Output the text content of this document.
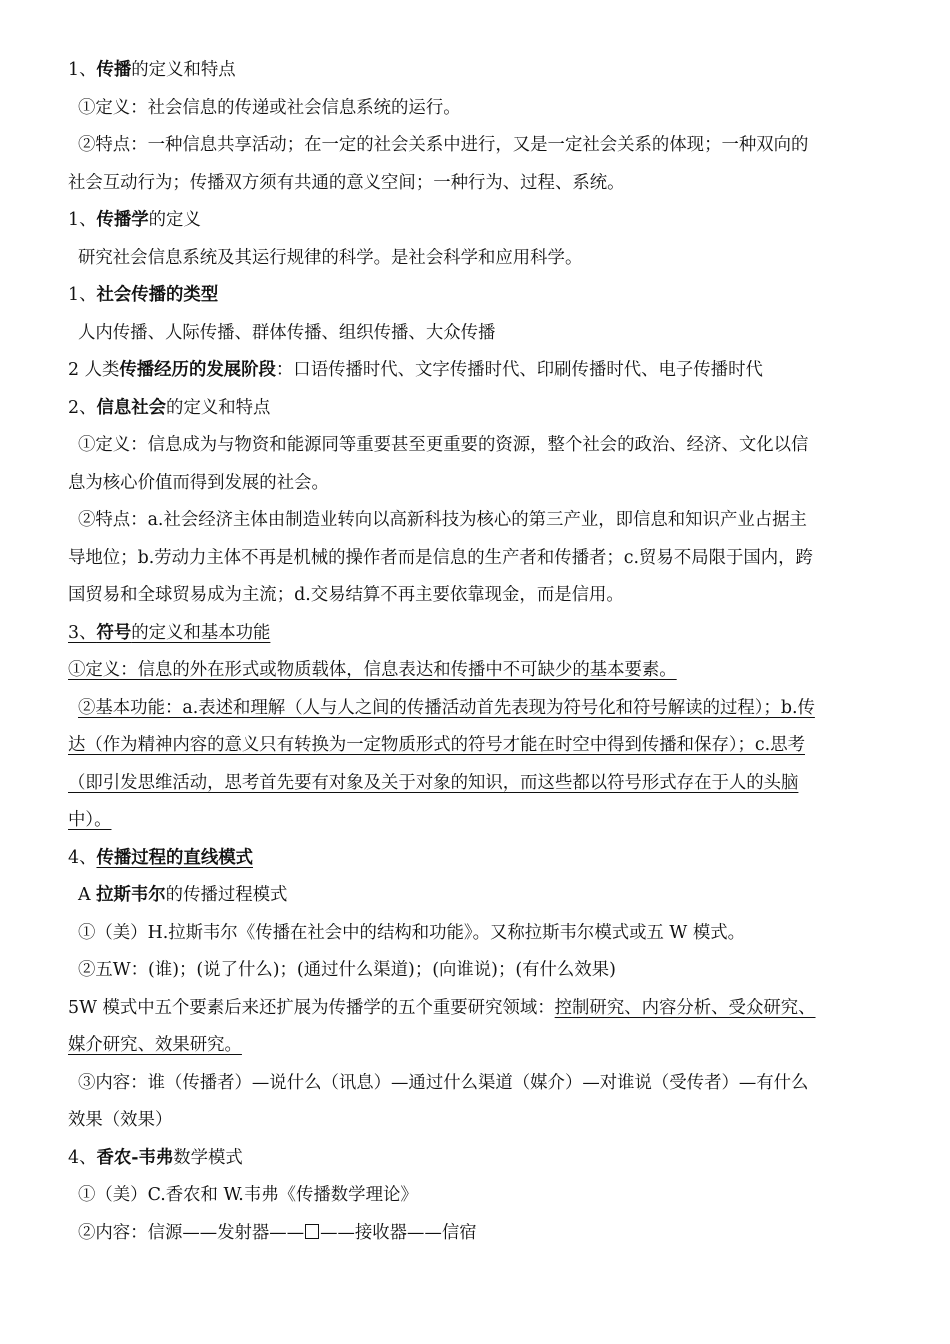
1、传播的定义和特点
①定义：社会信息的传递或社会信息系统的运行。
②特点：一种信息共享活动；在一定的社会关系中进行，又是一定社会关系的体现；一种双向的
社会互动行为；传播双方须有共通的意义空间；一种行为、过程、系统。
1、传播学的定义
研究社会信息系统及其运行规律的科学。是社会科学和应用科学。
1、社会传播的类型
人内传播、人际传播、群体传播、组织传播、大众传播
2 人类传播经历的发展阶段：口语传播时代、文字传播时代、印刷传播时代、电子传播时代
2、信息社会的定义和特点
①定义：信息成为与物资和能源同等重要甚至更重要的资源，整个社会的政治、经济、文化以信
息为核心价值而得到发展的社会。
②特点：a.社会经济主体由制造业转向以高新科技为核心的第三产业，即信息和知识产业占据主
导地位；b.劳动力主体不再是机械的操作者而是信息的生产者和传播者；c.贸易不局限于国内，跨
国贸易和全球贸易成为主流；d.交易结算不再主要依靠现金，而是信用。
3、符号的定义和基本功能
①定义：信息的外在形式或物质载体，信息表达和传播中不可缺少的基本要素。
②基本功能：a.表述和理解（人与人之间的传播活动首先表现为符号化和符号解读的过程）；b.传
达（作为精神内容的意义只有转换为一定物质形式的符号才能在时空中得到传播和保存）；c.思考
（即引发思维活动，思考首先要有对象及关于对象的知识，而这些都以符号形式存在于人的头脑
中）。
4、传播过程的直线模式
A 拉斯韦尔的传播过程模式
①（美）H.拉斯韦尔《传播在社会中的结构和功能》。又称拉斯韦尔模式或五 W 模式。
②五W：(谁)；(说了什么)；(通过什么渠道)；(向谁说)；(有什么效果)
5W 模式中五个要素后来还扩展为传播学的五个重要研究领域：控制研究、内容分析、受众研究、
媒介研究、效果研究。
③内容：谁（传播者）—说什么（讯息）—通过什么渠道（媒介）—对谁说（受传者）—有什么
效果（效果）
4、香农-韦弗数学模式
①（美）C.香农和 W.韦弗《传播数学理论》
②内容：信源——发射器—— ——接收器——信宿
